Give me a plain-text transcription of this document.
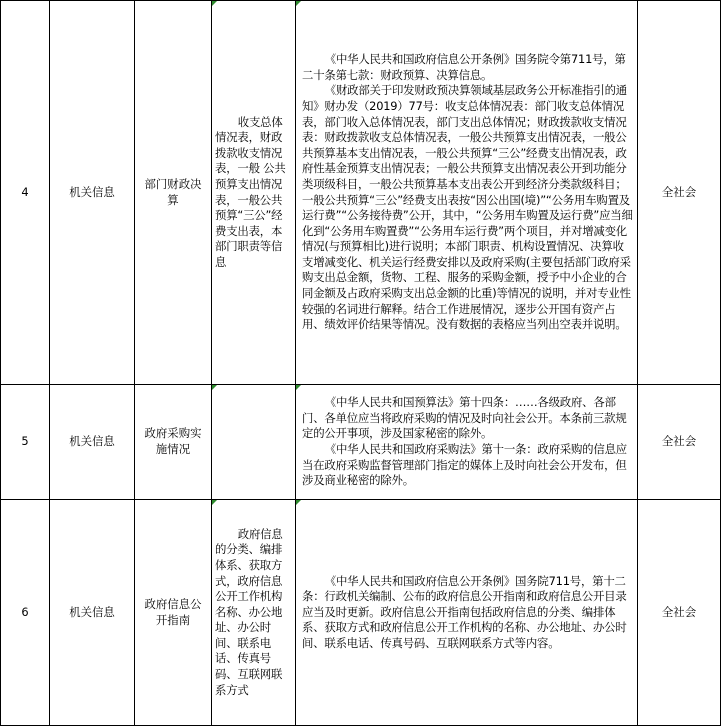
4	机关信息	部门财政决算	收支总体情况表，财政拨款收支情况表，一般 公共预算支出情况表，一般公共预算“三公”经费支出表，本部门职责等信息	《中华人民共和国政府信息公开条例》国务院令第711号，第二十条第七款：财政预算、决算信息。

《财政部关于印发财政预决算领域基层政务公开标准指引的通知》财办发（2019）77号：收支总体情况表：部门收支总体情况表，部门收入总体情况表，部门支出总体情况；财政拨款收支情况表：财政拨款收支总体情况表，一般公共预算支出情况表，一般公共预算基本支出情况表，一般公共预算“三公”经费支出情况表，政府性基金预算支出情况表；一般公共预算支出情况表公开到功能分类项级科目，一般公共预算基本支出表公开到经济分类款级科目；一般公共预算“三公”经费支出表按“因公出国(境)”“公务用车购置及运行费”“公务接待费”公开，其中，“公务用车购置及运行费”应当细化到“公务用车购置费”“公务用车运行费”两个项目，并对增减变化情况(与预算相比)进行说明；本部门职责、机构设置情况、决算收支增减变化、机关运行经费安排以及政府采购(主要包括部门政府采购支出总金额，货物、工程、服务的采购金额，授予中小企业的合同金额及占政府采购支出总金额的比重)等情况的说明，并对专业性较强的名词进行解释。结合工作进展情况，逐步公开国有资产占用、绩效评价结果等情况。没有数据的表格应当列出空表并说明。	全社会
5	机关信息	政府采购实施情况		《中华人民共和国预算法》第十四条：……各级政府、各部门、各单位应当将政府采购的情况及时向社会公开。本条前三款规定的公开事项，涉及国家秘密的除外。

《中华人民共和国政府采购法》第十一条：政府采购的信息应当在政府采购监督管理部门指定的媒体上及时向社会公开发布，但涉及商业秘密的除外。	全社会
6	机关信息	政府信息公开指南	政府信息的分类、编排体系、获取方式，政府信息公开工作机构名称、办公地址、办公时间、联系电话、传真号码、互联网联系方式	《中华人民共和国政府信息公开条例》国务院711号，第十二条：行政机关编制、公布的政府信息公开指南和政府信息公开目录应当及时更新。政府信息公开指南包括政府信息的分类、编排体系、获取方式和政府信息公开工作机构的名称、办公地址、办公时间、联系电话、传真号码、互联网联系方式等内容。	全社会
